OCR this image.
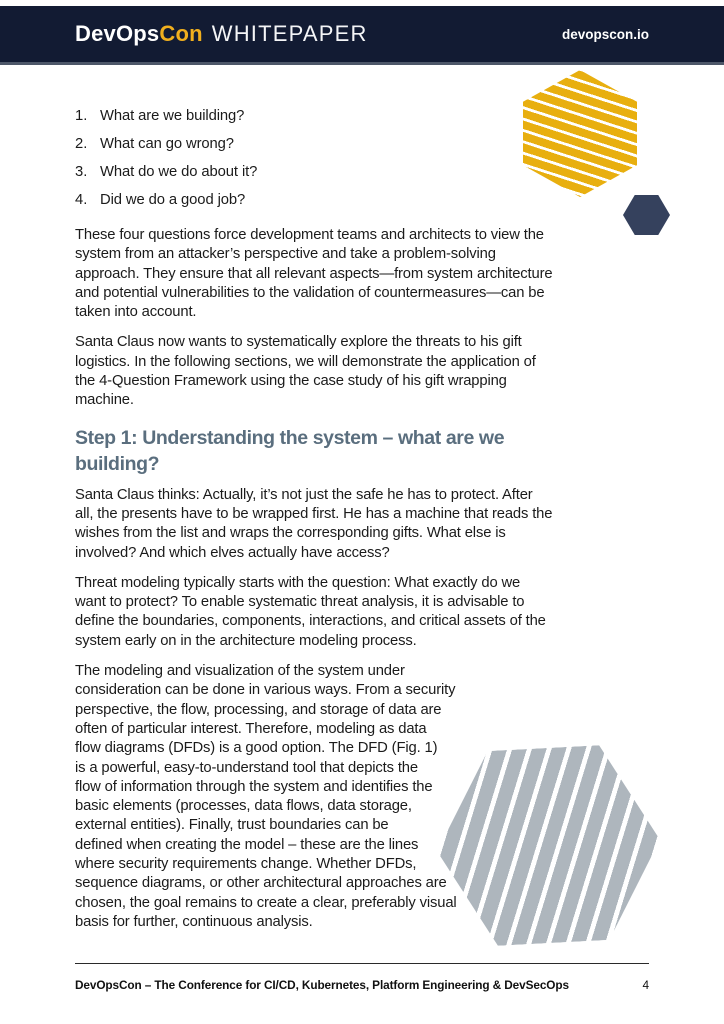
DevOpsCon WHITEPAPER	devopscon.io
1. What are we building?
2. What can go wrong?
3. What do we do about it?
4. Did we do a good job?

These four questions force development teams and architects to view the system from an attacker’s perspective and take a problem-solving approach. They ensure that all relevant aspects—from system architecture and potential vulnerabilities to the validation of countermeasures—can be taken into account.

Santa Claus now wants to systematically explore the threats to his gift logistics. In the following sections, we will demonstrate the application of the 4-Question Framework using the case study of his gift wrapping machine.

Step 1: Understanding the system – what are we building?

Santa Claus thinks: Actually, it’s not just the safe he has to protect. After all, the presents have to be wrapped first. He has a machine that reads the wishes from the list and wraps the corresponding gifts. What else is involved? And which elves actually have access?

Threat modeling typically starts with the question: What exactly do we want to protect? To enable systematic threat analysis, it is advisable to define the boundaries, components, interactions, and critical assets of the system early on in the architecture modeling process.

The modeling and visualization of the system under consideration can be done in various ways. From a security perspective, the flow, processing, and storage of data are often of particular interest. Therefore, modeling as data flow diagrams (DFDs) is a good option. The DFD (Fig. 1) is a powerful, easy-to-understand tool that depicts the flow of information through the system and identifies the basic elements (processes, data flows, data storage, external entities). Finally, trust boundaries can be defined when creating the model – these are the lines where security requirements change. Whether DFDs, sequence diagrams, or other architectural approaches are chosen, the goal remains to create a clear, preferably visual basis for further, continuous analysis.

DevOpsCon – The Conference for CI/CD, Kubernetes, Platform Engineering & DevSecOps	4
